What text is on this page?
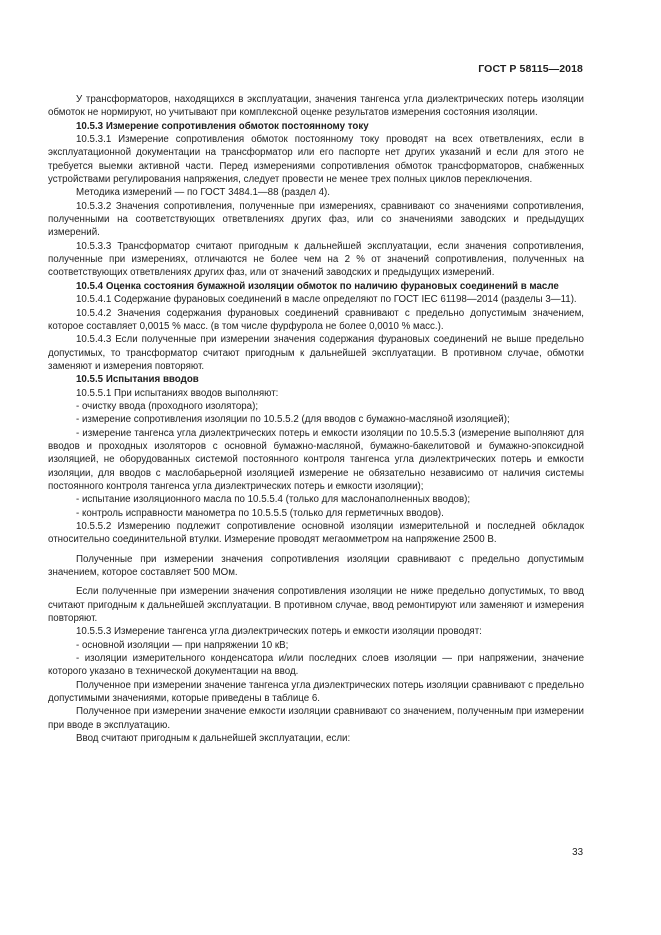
ГОСТ Р 58115—2018

У трансформаторов, находящихся в эксплуатации, значения тангенса угла диэлектрических потерь изоляции обмоток не нормируют, но учитывают при комплексной оценке результатов измерения состояния изоляции.

10.5.3 Измерение сопротивления обмоток постоянному току

10.5.3.1 Измерение сопротивления обмоток постоянному току проводят на всех ответвлениях, если в эксплуатационной документации на трансформатор или его паспорте нет других указаний и если для этого не требуется выемки активной части. Перед измерениями сопротивления обмоток трансформаторов, снабженных устройствами регулирования напряжения, следует провести не менее трех полных циклов переключения.

Методика измерений — по ГОСТ 3484.1—88 (раздел 4).

10.5.3.2 Значения сопротивления, полученные при измерениях, сравнивают со значениями сопротивления, полученными на соответствующих ответвлениях других фаз, или со значениями заводских и предыдущих измерений.

10.5.3.3 Трансформатор считают пригодным к дальнейшей эксплуатации, если значения сопротивления, полученные при измерениях, отличаются не более чем на 2 % от значений сопротивления, полученных на соответствующих ответвлениях других фаз, или от значений заводских и предыдущих измерений.

10.5.4 Оценка состояния бумажной изоляции обмоток по наличию фурановых соединений в масле

10.5.4.1 Содержание фурановых соединений в масле определяют по ГОСТ IEC 61198—2014 (разделы 3—11).

10.5.4.2 Значения содержания фурановых соединений сравнивают с предельно допустимым значением, которое составляет 0,0015 % масс. (в том числе фурфурола не более 0,0010 % масс.).

10.5.4.3 Если полученные при измерении значения содержания фурановых соединений не выше предельно допустимых, то трансформатор считают пригодным к дальнейшей эксплуатации. В противном случае, обмотки заменяют и измерения повторяют.

10.5.5 Испытания вводов

10.5.5.1 При испытаниях вводов выполняют:

- очистку ввода (проходного изолятора);

- измерение сопротивления изоляции по 10.5.5.2 (для вводов с бумажно-масляной изоляцией);

- измерение тангенса угла диэлектрических потерь и емкости изоляции по 10.5.5.3 (измерение выполняют для вводов и проходных изоляторов с основной бумажно-масляной, бумажно-бакелитовой и бумажно-эпоксидной изоляцией, не оборудованных системой постоянного контроля тангенса угла диэлектрических потерь и емкости изоляции, для вводов с маслобарьерной изоляцией измерение не обязательно независимо от наличия системы постоянного контроля тангенса угла диэлектрических потерь и емкости изоляции);

- испытание изоляционного масла по 10.5.5.4 (только для маслонаполненных вводов);

- контроль исправности манометра по 10.5.5.5 (только для герметичных вводов).

10.5.5.2 Измерению подлежит сопротивление основной изоляции измерительной и последней обкладок относительно соединительной втулки. Измерение проводят мегаомметром на напряжение 2500 В.

Полученные при измерении значения сопротивления изоляции сравнивают с предельно допустимым значением, которое составляет 500 МОм.

Если полученные при измерении значения сопротивления изоляции не ниже предельно допустимых, то ввод считают пригодным к дальнейшей эксплуатации. В противном случае, ввод ремонтируют или заменяют и измерения повторяют.

10.5.5.3 Измерение тангенса угла диэлектрических потерь и емкости изоляции проводят:

- основной изоляции — при напряжении 10 кВ;

- изоляции измерительного конденсатора и/или последних слоев изоляции — при напряжении, значение которого указано в технической документации на ввод.

Полученное при измерении значение тангенса угла диэлектрических потерь изоляции сравнивают с предельно допустимыми значениями, которые приведены в таблице 6.

Полученное при измерении значение емкости изоляции сравнивают со значением, полученным при измерении при вводе в эксплуатацию.

Ввод считают пригодным к дальнейшей эксплуатации, если:

33
